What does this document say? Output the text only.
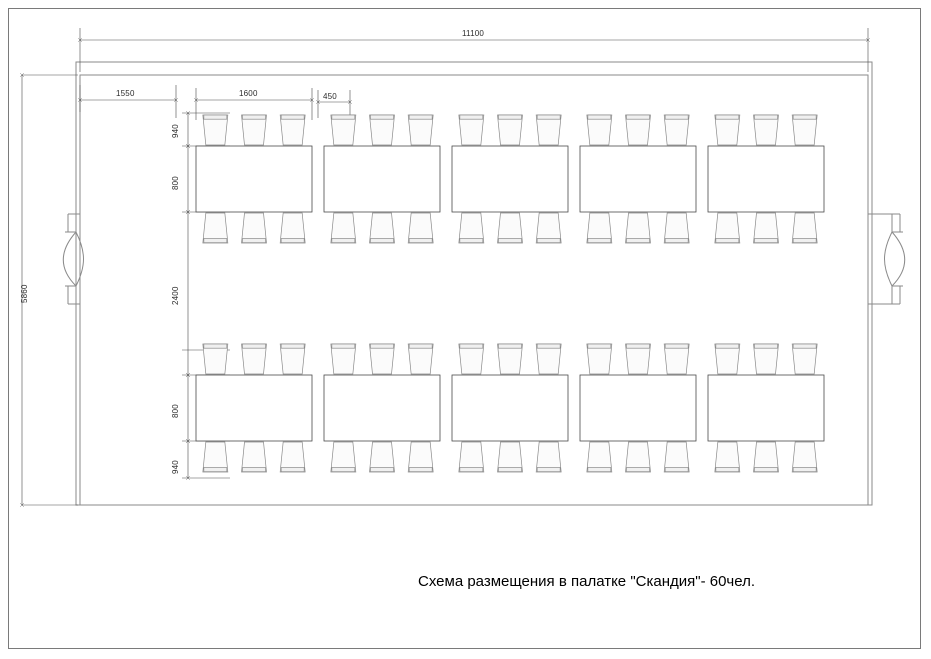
11100
5860
1550	1600	450
940
800
2400
800
940
Схема размещения в палатке "Скандия"- 60чел.
